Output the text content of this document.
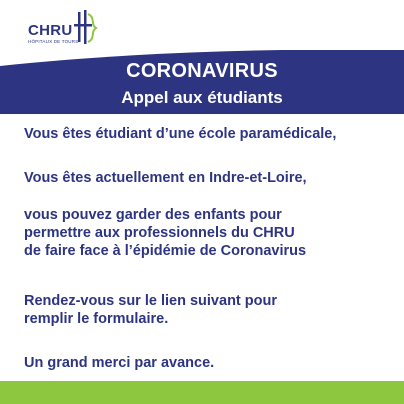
CHRU
HÔPITAUX DE TOURS
CORONAVIRUS
Appel aux étudiants

Vous êtes étudiant d’une école paramédicale,

Vous êtes actuellement en Indre-et-Loire,

vous pouvez garder des enfants pour
permettre aux professionnels du CHRU
de faire face à l’épidémie de Coronavirus

Rendez-vous sur le lien suivant pour
remplir le formulaire.

Un grand merci par avance.
